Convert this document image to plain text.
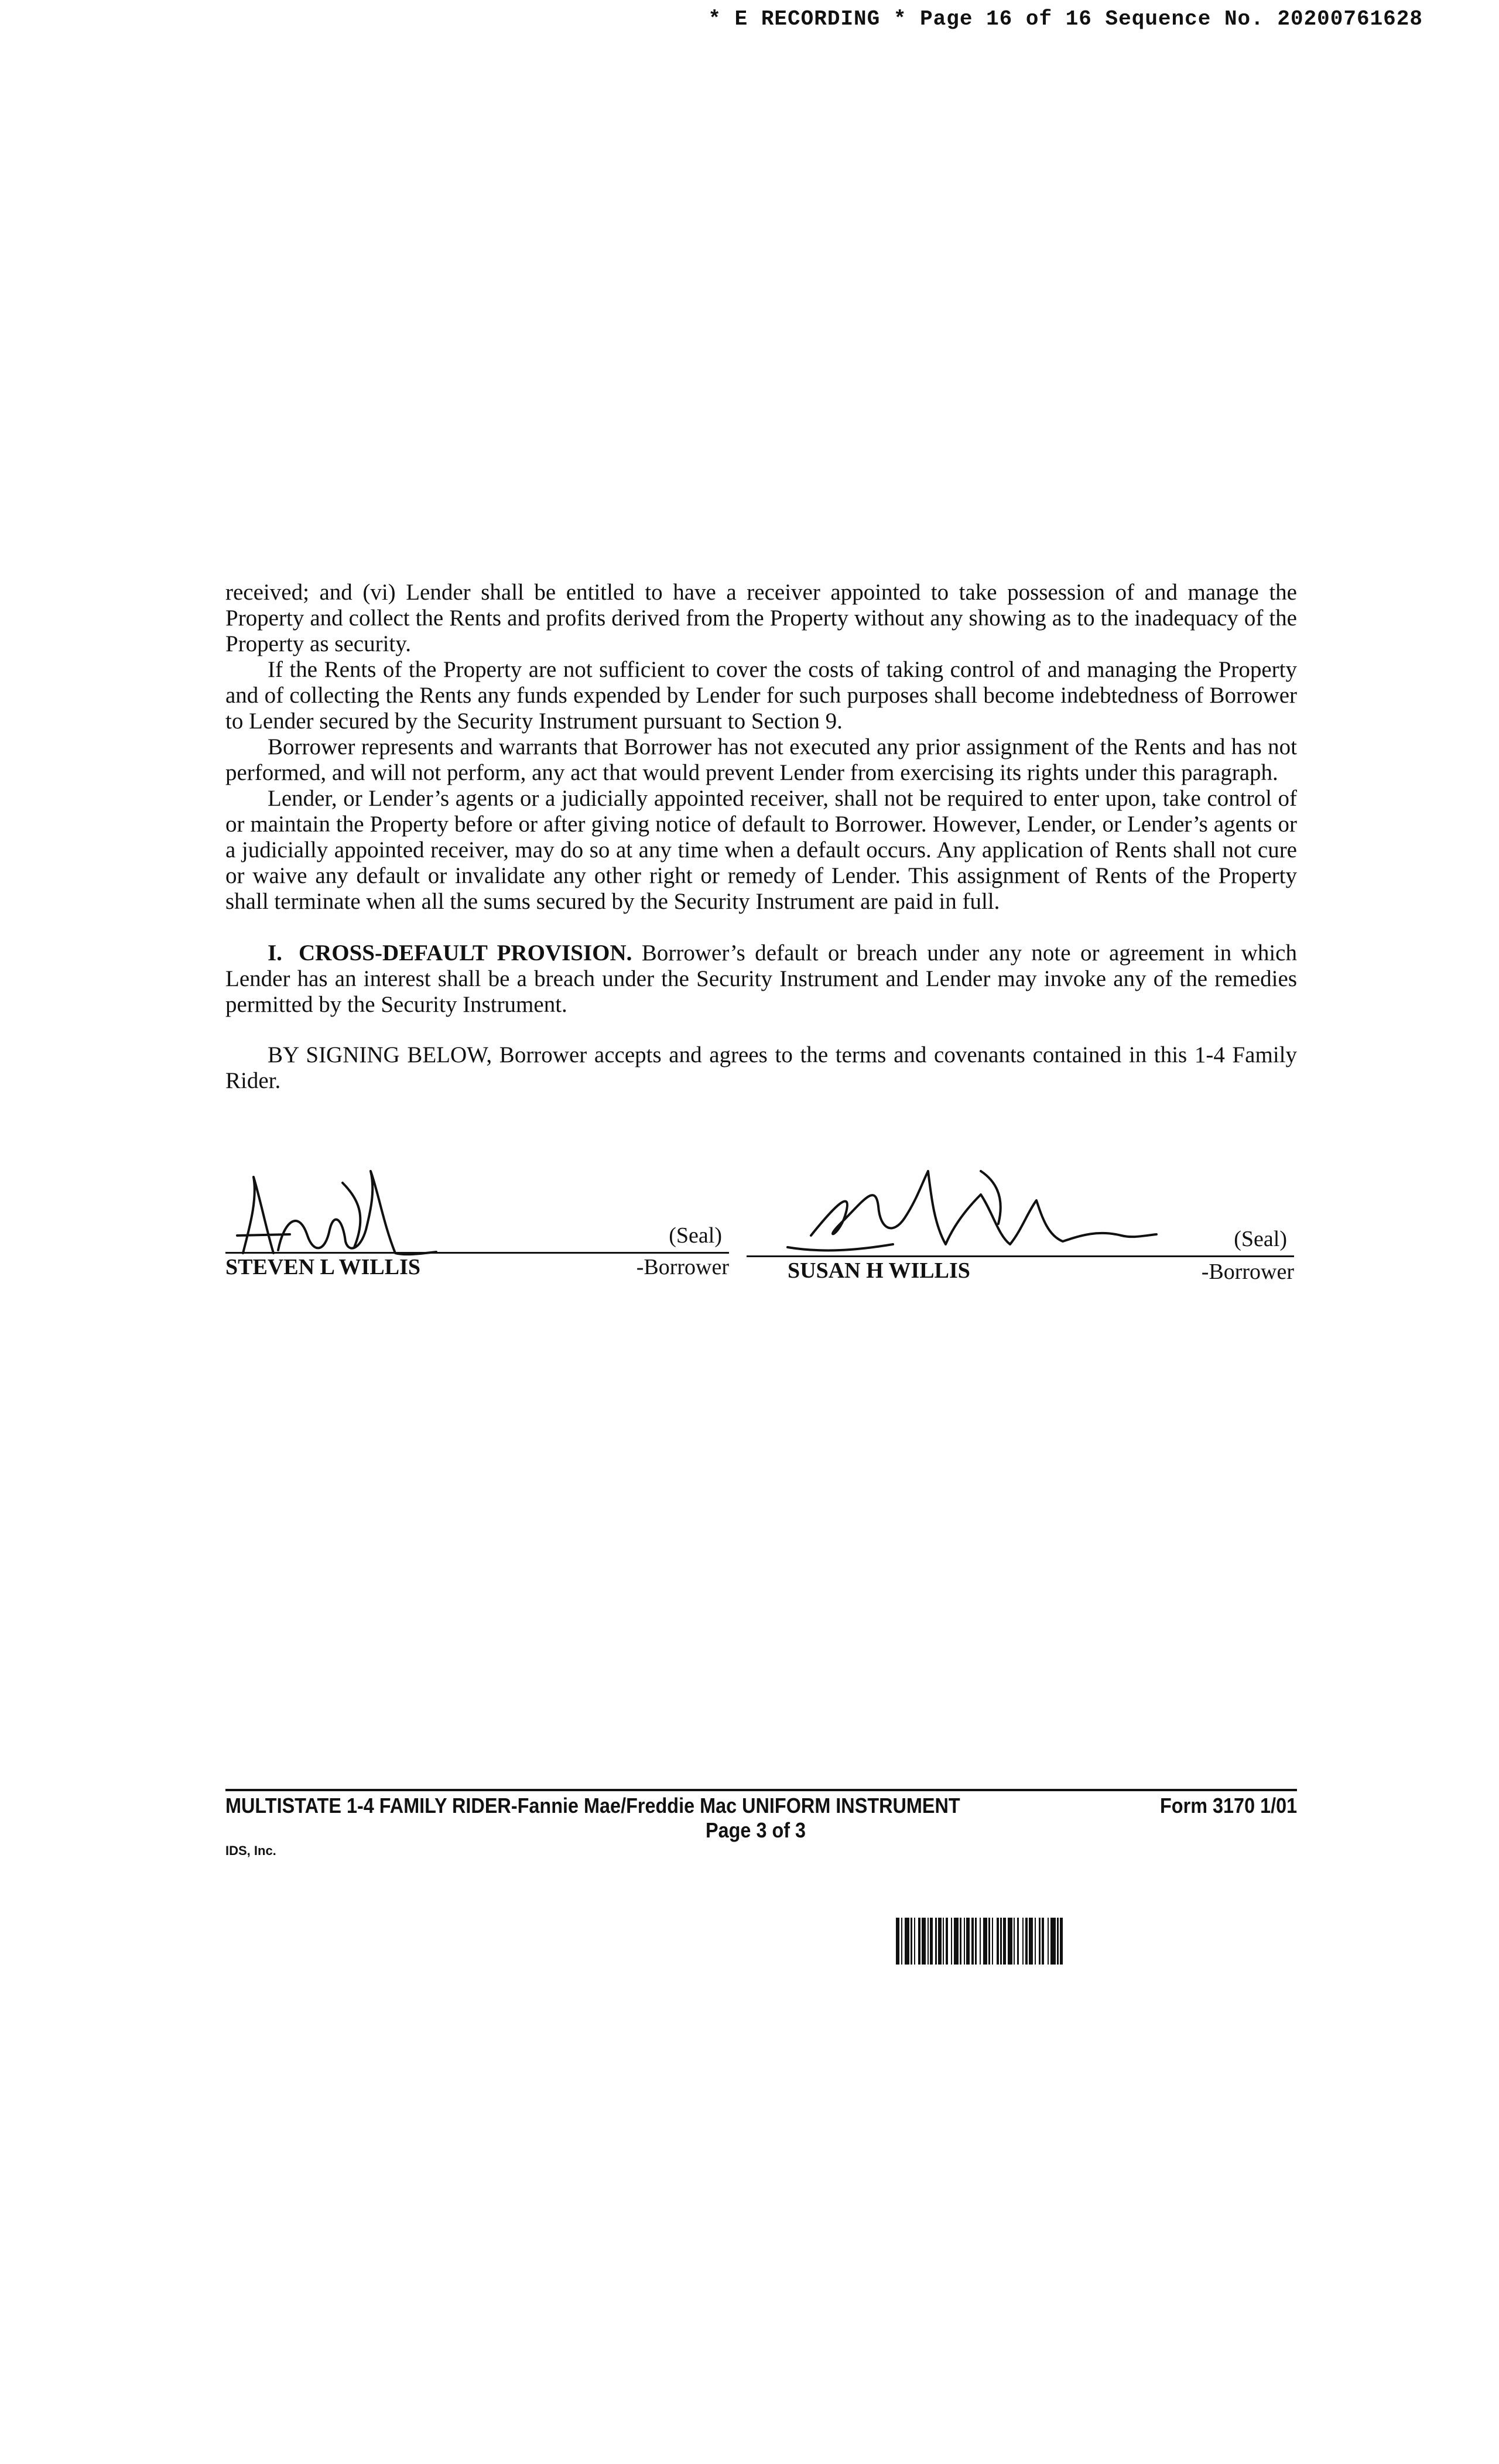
* E RECORDING * Page 16 of 16 Sequence No. 20200761628

received; and (vi) Lender shall be entitled to have a receiver appointed to take possession of and manage the Property and collect the Rents and profits derived from the Property without any showing as to the inadequacy of the Property as security.

If the Rents of the Property are not sufficient to cover the costs of taking control of and managing the Property and of collecting the Rents any funds expended by Lender for such purposes shall become indebtedness of Borrower to Lender secured by the Security Instrument pursuant to Section 9.

Borrower represents and warrants that Borrower has not executed any prior assignment of the Rents and has not performed, and will not perform, any act that would prevent Lender from exercising its rights under this paragraph.

Lender, or Lender’s agents or a judicially appointed receiver, shall not be required to enter upon, take control of or maintain the Property before or after giving notice of default to Borrower. However, Lender, or Lender’s agents or a judicially appointed receiver, may do so at any time when a default occurs. Any application of Rents shall not cure or waive any default or invalidate any other right or remedy of Lender. This assignment of Rents of the Property shall terminate when all the sums secured by the Security Instrument are paid in full.

I. CROSS-DEFAULT PROVISION. Borrower’s default or breach under any note or agreement in which Lender has an interest shall be a breach under the Security Instrument and Lender may invoke any of the remedies permitted by the Security Instrument.

BY SIGNING BELOW, Borrower accepts and agrees to the terms and covenants contained in this 1-4 Family Rider.

(Seal)
STEVEN L WILLIS	-Borrower
(Seal)
SUSAN H WILLIS	-Borrower
MULTISTATE 1-4 FAMILY RIDER-Fannie Mae/Freddie Mac UNIFORM INSTRUMENT	Form 3170 1/01
Page 3 of 3
IDS, Inc.
